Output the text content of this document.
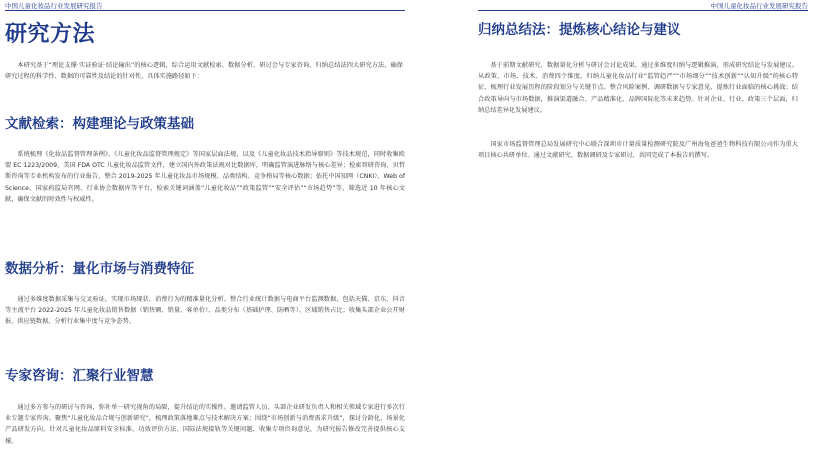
中国儿童化妆品行业发展研究报告	中国儿童化妆品行业发展研究报告
研究方法

本研究基于“理论支撑·实证验证·结论输出”的核心逻辑，综合运用文献检索、数据分析、研讨会与专家咨询、归纳总结法四大研究方法，确保研究过程的科学性、数据的可靠性及结论的针对性，具体实施路径如下：

文献检索：构建理论与政策基础

系统梳理《化妆品监督管理条例》、《儿童化妆品监督管理规定》等国家层面法规，以及《儿童化妆品技术指导原则》等技术规范，同时收集欧盟 EC 1223/2009、美国 FDA OTC 儿童化妆品监管文件，建立国内外政策法规对比数据库，明确监管演进脉络与核心差异；检索智研咨询、贝哲斯咨询等专业机构发布的行业报告，整合 2019-2025 年儿童化妆品市场规模、品类结构、竞争格局等核心数据；依托中国知网（CNKI）、Web of Science、国家药监局官网、行业协会数据库等平台，检索关键词涵盖“儿童化妆品”“政策监管”“安全评估”“市场趋势”等，筛选近 10 年核心文献，确保文献的时效性与权威性。

数据分析：量化市场与消费特征

通过多维度数据采集与交叉验证，实现市场现状、消费行为的精准量化分析。整合行业统计数据与电商平台监测数据，包括天猫、京东、抖音等主流平台 2022-2025 年儿童化妆品销售数据（销售额、销量、客单价）、品类分布（基础护理、防晒等）、区域销售占比；收集头部企业公开财报、供应链数据，分析行业集中度与竞争态势。

专家咨询：汇聚行业智慧

通过多方参与的研讨与咨询，弥补单一研究视角的局限，提升结论的实操性。邀请监管人员、头部企业研发负责人和相关领域专家进行多次行业专题专家咨询。聚焦“儿童化妆品合规与创新研究”，梳理政策落地难点与技术解决方案；围绕“市场创新与消费需求升级”，探讨分龄化、场景化产品研发方向。针对儿童化妆品原料安全标准、功效评价方法、国际法规接轨等关键问题，收集专项咨询意见，为研究报告修改完善提供核心支撑。

归纳总结法：提炼核心结论与建议

基于前期文献研究、数据量化分析与研讨会讨论成果，通过多维度归纳与逻辑推演，形成研究结论与发展建议。从政策、市场、技术、消费四个维度，归纳儿童化妆品行业“监管趋严”“市场细分”“技术创新”“认知升级”的核心特征，梳理行业发展历程的阶段划分与关键节点。整合风险案例、调研数据与专家意见，提炼行业面临的核心挑战；结合政策导向与市场数据，推演渠道融合、产品精准化、品牌国际化等未来趋势。针对企业、行业、政策三个层面，归纳总结差异化发展建议。

国家市场监督管理总局发展研究中心联合深圳市计量质量检测研究院及广州海龟爸爸生物科技有限公司作为重大项目核心共研单位。通过文献研究、数据调研及专家研讨，共同完成了本报告的撰写。
